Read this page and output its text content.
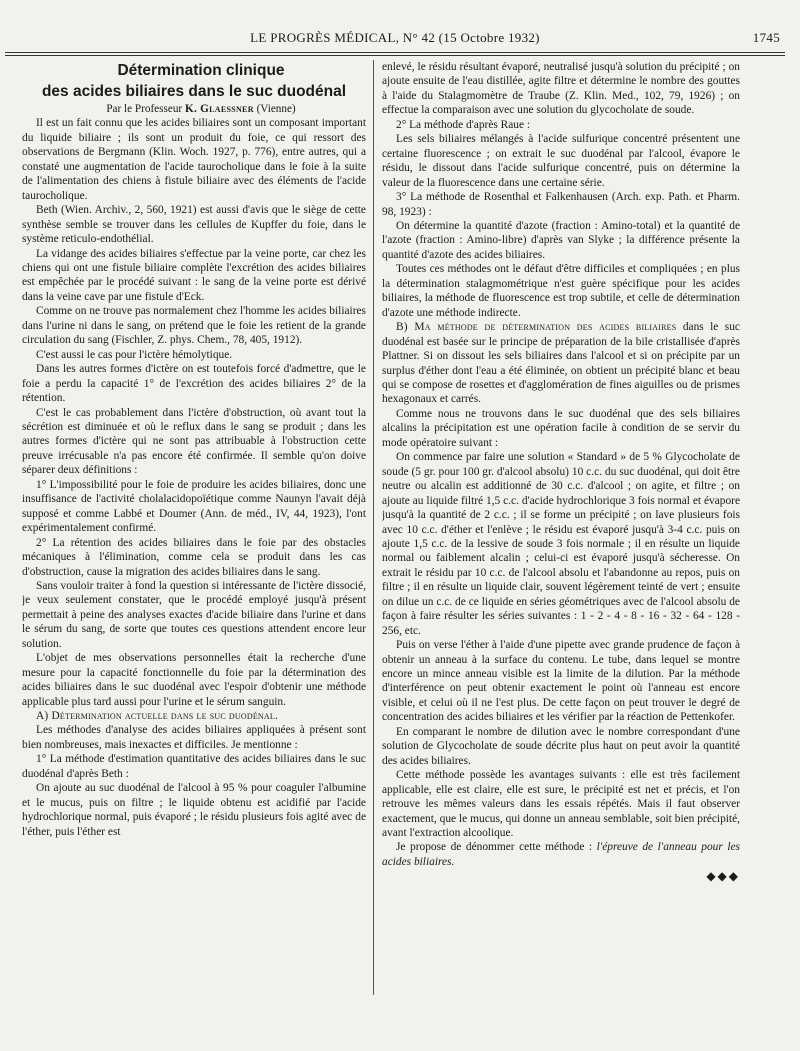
LE PROGRÈS MÉDICAL, N° 42 (15 Octobre 1932)	1745

Détermination clinique
des acides biliaires dans le suc duodénal

Par le Professeur K. Glaessner (Vienne)

Il est un fait connu que les acides biliaires sont un composant important du liquide biliaire ; ils sont un produit du foie, ce qui ressort des observations de Bergmann (Klin. Woch. 1927, p. 776), entre autres, qui a constaté une augmentation de l'acide taurocholique dans le foie à la suite de l'alimentation des chiens à fistule biliaire avec des éléments de l'acide taurocholique.

Beth (Wien. Archiv., 2, 560, 1921) est aussi d'avis que le siège de cette synthèse semble se trouver dans les cellules de Kupffer du foie, dans le système reticulo-endothélial.

La vidange des acides biliaires s'effectue par la veine porte, car chez les chiens qui ont une fistule biliaire complète l'excrétion des acides biliaires est empêchée par le procédé suivant : le sang de la veine porte est dérivé dans la veine cave par une fistule d'Eck.

Comme on ne trouve pas normalement chez l'homme les acides biliaires dans l'urine ni dans le sang, on prétend que le foie les retient de la grande circulation du sang (Fischler, Z. phys. Chem., 78, 405, 1912).

C'est aussi le cas pour l'ictère hémolytique.

Dans les autres formes d'ictère on est toutefois forcé d'admettre, que le foie a perdu la capacité 1° de l'excrétion des acides biliaires 2° de la rétention.

C'est le cas probablement dans l'ictère d'obstruction, où avant tout la sécrétion est diminuée et où le reflux dans le sang se produit ; dans les autres formes d'ictère qui ne sont pas attribuable à l'obstruction cette preuve irrécusable n'a pas encore été confirmée. Il semble qu'on doive séparer deux définitions :

1° L'impossibilité pour le foie de produire les acides biliaires, donc une insuffisance de l'activité cholalacidopoïétique comme Naunyn l'avait déjà supposé et comme Labbé et Doumer (Ann. de méd., IV, 44, 1923), l'ont expérimentalement confirmé.

2° La rétention des acides biliaires dans le foie par des obstacles mécaniques à l'élimination, comme cela se produit dans les cas d'obstruction, cause la migration des acides biliaires dans le sang.

Sans vouloir traiter à fond la question si intéressante de l'ictère dissocié, je veux seulement constater, que le procédé employé jusqu'à présent permettait à peine des analyses exactes d'acide biliaire dans l'urine et dans le sérum du sang, de sorte que toutes ces questions attendent encore leur solution.

L'objet de mes observations personnelles était la recherche d'une mesure pour la capacité fonctionnelle du foie par la détermination des acides biliaires dans le suc duodénal avec l'espoir d'obtenir une méthode applicable plus tard aussi pour l'urine et le sérum sanguin.

A) Détermination actuelle dans le suc duodénal.

Les méthodes d'analyse des acides biliaires appliquées à présent sont bien nombreuses, mais inexactes et difficiles. Je mentionne :

1° La méthode d'estimation quantitative des acides biliaires dans le suc duodénal d'après Beth :

On ajoute au suc duodénal de l'alcool à 95 % pour coaguler l'albumine et le mucus, puis on filtre ; le liquide obtenu est acidifié par l'acide hydrochlorique normal, puis évaporé ; le résidu plusieurs fois agité avec de l'éther, puis l'éther est

enlevé, le résidu résultant évaporé, neutralisé jusqu'à solution du précipité ; on ajoute ensuite de l'eau distillée, agite filtre et détermine le nombre des gouttes à l'aide du Stalagmomètre de Traube (Z. Klin. Med., 102, 79, 1926) ; on effectue la comparaison avec une solution du glycocholate de soude.

2° La méthode d'après Raue :

Les sels biliaires mélangés à l'acide sulfurique concentré présentent une certaine fluorescence ; on extrait le suc duodénal par l'alcool, évapore le résidu, le dissout dans l'acide sulfurique concentré, puis on détermine la valeur de la fluorescence dans une certaine série.

3° La méthode de Rosenthal et Falkenhausen (Arch. exp. Path. et Pharm. 98, 1923) :

On détermine la quantité d'azote (fraction : Amino-total) et la quantité de l'azote (fraction : Amino-libre) d'après van Slyke ; la différence présente la quantité d'azote des acides biliaires.

Toutes ces méthodes ont le défaut d'être difficiles et compliquées ; en plus la détermination stalagmométrique n'est guère spécifique pour les acides biliaires, la méthode de fluorescence est trop subtile, et celle de détermination d'azote une méthode indirecte.

B) Ma méthode de détermination des acides biliaires dans le suc duodénal est basée sur le principe de préparation de la bile cristallisée d'après Plattner. Si on dissout les sels biliaires dans l'alcool et si on précipite par un surplus d'éther dont l'eau a été éliminée, on obtient un précipité blanc et beau qui se compose de rosettes et d'agglomération de fines aiguilles ou de prismes hexagonaux et carrés.

Comme nous ne trouvons dans le suc duodénal que des sels biliaires alcalins la précipitation est une opération facile à condition de se servir du mode opératoire suivant :

On commence par faire une solution « Standard » de 5 % Glycocholate de soude (5 gr. pour 100 gr. d'alcool absolu) 10 c.c. du suc duodénal, qui doit être neutre ou alcalin est additionné de 30 c.c. d'alcool ; on agite, et filtre ; on ajoute au liquide filtré 1,5 c.c. d'acide hydrochlorique 3 fois normal et évapore jusqu'à la quantité de 2 c.c. ; il se forme un précipité ; on lave plusieurs fois avec 10 c.c. d'éther et l'enlève ; le résidu est évaporé jusqu'à 3-4 c.c. puis on ajoute 1,5 c.c. de la lessive de soude 3 fois normale ; il en résulte un liquide normal ou faiblement alcalin ; celui-ci est évaporé jusqu'à sécheresse. On extrait le résidu par 10 c.c. de l'alcool absolu et l'abandonne au repos, puis on filtre ; il en résulte un liquide clair, souvent légèrement teinté de vert ; ensuite on dilue un c.c. de ce liquide en séries géométriques avec de l'alcool absolu de façon à faire résulter les séries suivantes : 1 - 2 - 4 - 8 - 16 - 32 - 64 - 128 - 256, etc.

Puis on verse l'éther à l'aide d'une pipette avec grande prudence de façon à obtenir un anneau à la surface du contenu. Le tube, dans lequel se montre encore un mince anneau visible est la limite de la dilution. Par la méthode d'interférence on peut obtenir exactement le point où l'anneau est encore visible, et celui où il ne l'est plus. De cette façon on peut trouver le degré de concentration des acides biliaires et les vérifier par la réaction de Pettenkofer.

En comparant le nombre de dilution avec le nombre correspondant d'une solution de Glycocholate de soude décrite plus haut on peut avoir la quantité des acides biliaires.

Cette méthode possède les avantages suivants : elle est très facilement applicable, elle est claire, elle est sure, le précipité est net et précis, et l'on retrouve les mêmes valeurs dans les essais répétés. Mais il faut observer exactement, que le mucus, qui donne un anneau semblable, soit bien précipité, avant l'extraction alcoolique.

Je propose de dénommer cette méthode : l'épreuve de l'anneau pour les acides biliaires.

◆◆◆
